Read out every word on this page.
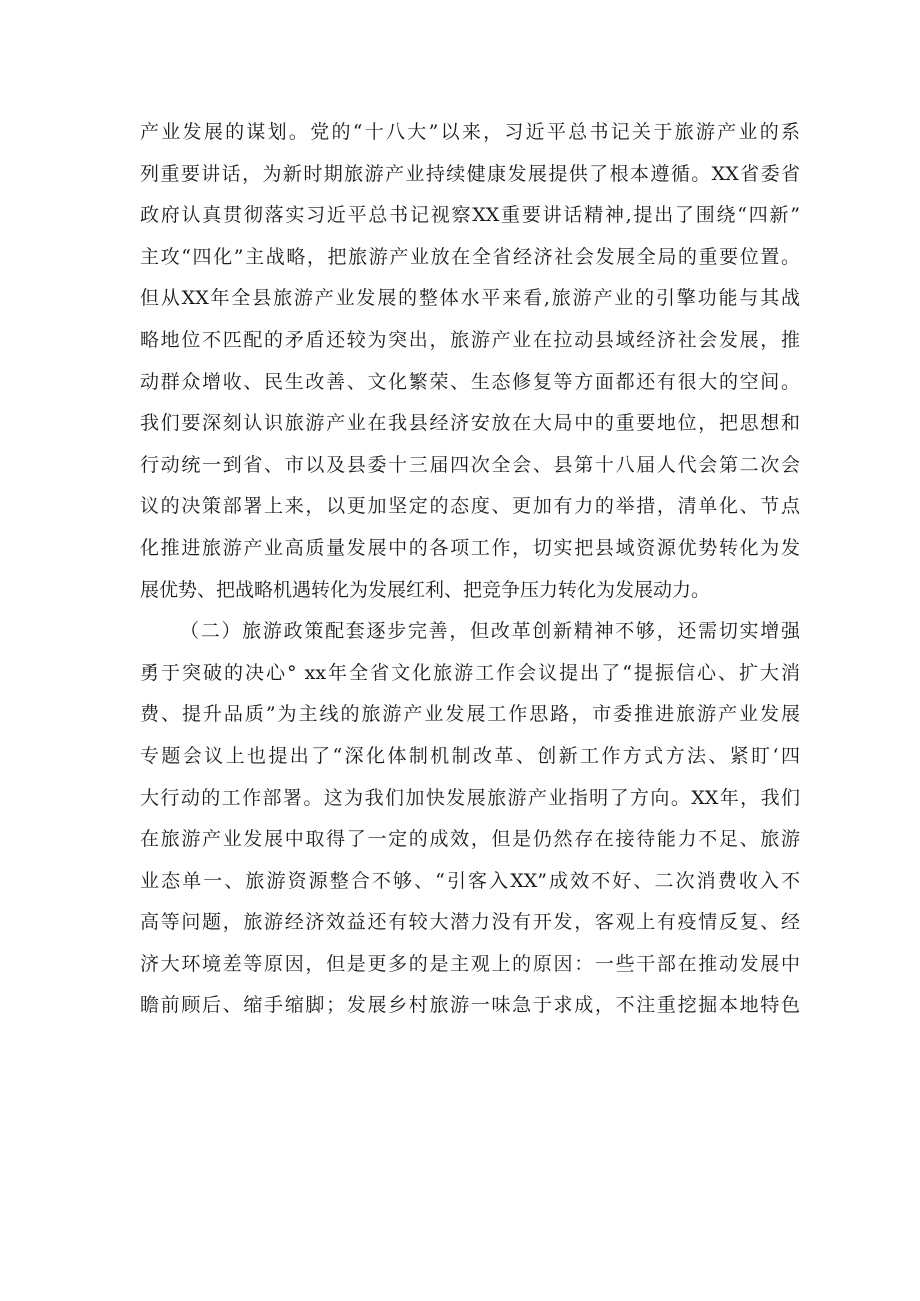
产业发展的谋划。党的“十八大”以来，习近平总书记关于旅游产业的系
列重要讲话，为新时期旅游产业持续健康发展提供了根本遵循。XX省委省
政府认真贯彻落实习近平总书记视察XX重要讲话精神,提出了围绕“四新”
主攻“四化”主战略，把旅游产业放在全省经济社会发展全局的重要位置。
但从XX年全县旅游产业发展的整体水平来看,旅游产业的引擎功能与其战
略地位不匹配的矛盾还较为突出，旅游产业在拉动县域经济社会发展，推
动群众增收、民生改善、文化繁荣、生态修复等方面都还有很大的空间。
我们要深刻认识旅游产业在我县经济安放在大局中的重要地位，把思想和
行动统一到省、市以及县委十三届四次全会、县第十八届人代会第二次会
议的决策部署上来，以更加坚定的态度、更加有力的举措，清单化、节点
化推进旅游产业高质量发展中的各项工作，切实把县域资源优势转化为发
展优势、把战略机遇转化为发展红利、把竞争压力转化为发展动力。
（二）旅游政策配套逐步完善，但改革创新精神不够，还需切实增强
勇于突破的决心° xx年全省文化旅游工作会议提出了“提振信心、扩大消
费、提升品质”为主线的旅游产业发展工作思路，市委推进旅游产业发展
专题会议上也提出了“深化体制机制改革、创新工作方式方法、紧盯‘四
大行动的工作部署。这为我们加快发展旅游产业指明了方向。XX年，我们
在旅游产业发展中取得了一定的成效，但是仍然存在接待能力不足、旅游
业态单一、旅游资源整合不够、“引客入XX”成效不好、二次消费收入不
高等问题，旅游经济效益还有较大潜力没有开发，客观上有疫情反复、经
济大环境差等原因，但是更多的是主观上的原因：一些干部在推动发展中
瞻前顾后、缩手缩脚；发展乡村旅游一味急于求成，不注重挖掘本地特色
